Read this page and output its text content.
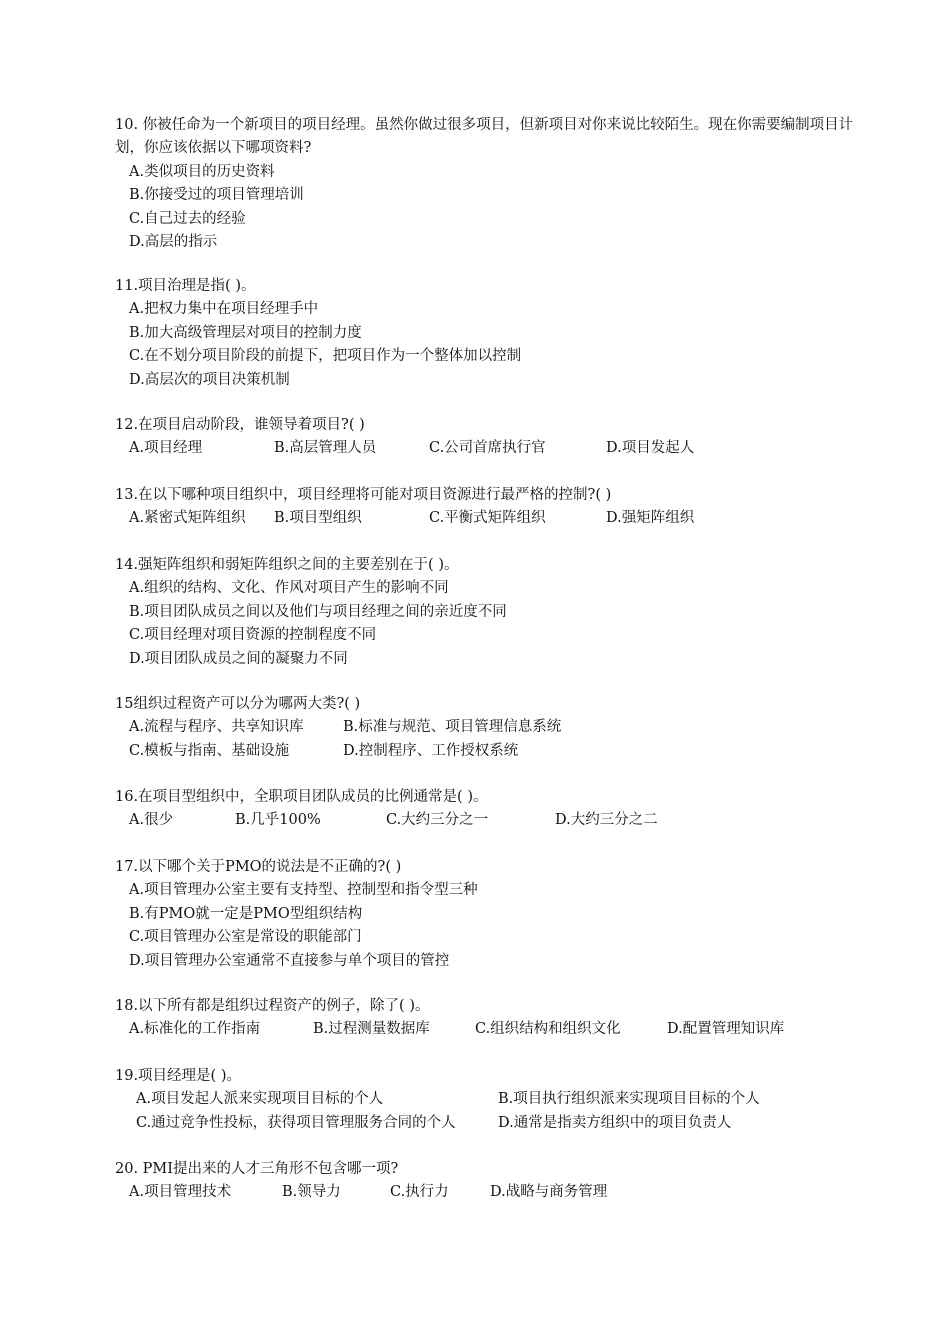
10. 你被任命为一个新项目的项目经理。虽然你做过很多项目，但新项目对你来说比较陌生。现在你需要编制项目计划，你应该依据以下哪项资料?
A.类似项目的历史资料
B.你接受过的项目管理培训
C.自己过去的经验
D.高层的指示
11.项目治理是指( )。
A.把权力集中在项目经理手中
B.加大高级管理层对项目的控制力度
C.在不划分项目阶段的前提下，把项目作为一个整体加以控制
D.高层次的项目决策机制
12.在项目启动阶段，谁领导着项目?( )
A.项目经理	B.高层管理人员	C.公司首席执行官	D.项目发起人
13.在以下哪种项目组织中，项目经理将可能对项目资源进行最严格的控制?( )
A.紧密式矩阵组织 B.项目型组织	C.平衡式矩阵组织	D.强矩阵组织
14.强矩阵组织和弱矩阵组织之间的主要差别在于( )。
A.组织的结构、文化、作风对项目产生的影响不同
B.项目团队成员之间以及他们与项目经理之间的亲近度不同
C.项目经理对项目资源的控制程度不同
D.项目团队成员之间的凝聚力不同
15组织过程资产可以分为哪两大类?( )
A.流程与程序、共享知识库	B.标准与规范、项目管理信息系统
C.模板与指南、基础设施	D.控制程序、工作授权系统
16.在项目型组织中，全职项目团队成员的比例通常是( )。
A.很少	B.几乎100%	C.大约三分之一	D.大约三分之二
17.以下哪个关于PMO的说法是不正确的?( )
A.项目管理办公室主要有支持型、控制型和指令型三种
B.有PMO就一定是PMO型组织结构
C.项目管理办公室是常设的职能部门
D.项目管理办公室通常不直接参与单个项目的管控
18.以下所有都是组织过程资产的例子，除了( )。
A.标准化的工作指南	B.过程测量数据库	C.组织结构和组织文化	D.配置管理知识库
19.项目经理是( )。
A.项目发起人派来实现项目目标的个人	B.项目执行组织派来实现项目目标的个人
C.通过竞争性投标，获得项目管理服务合同的个人	D.通常是指卖方组织中的项目负责人
20. PMI提出来的人才三角形不包含哪一项?
A.项目管理技术	B.领导力	C.执行力	D.战略与商务管理
